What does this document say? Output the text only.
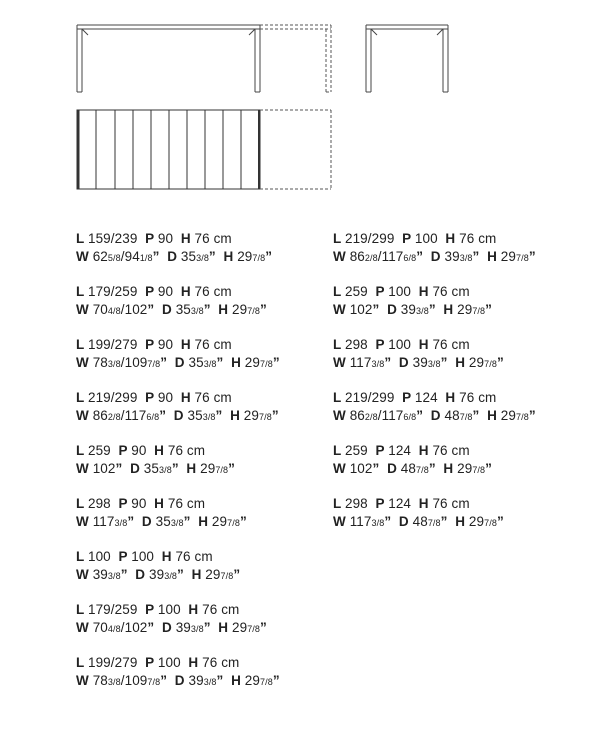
L 159/239 P 90 H 76 cm
W 625/8/941/8” D 353/8” H 297/8”
L 179/259 P 90 H 76 cm
W 704/8/102” D 353/8” H 297/8”
L 199/279 P 90 H 76 cm
W 783/8/1097/8” D 353/8” H 297/8”
L 219/299 P 90 H 76 cm
W 862/8/1176/8” D 353/8” H 297/8”
L 259 P 90 H 76 cm
W 102” D 353/8” H 297/8”
L 298 P 90 H 76 cm
W 1173/8” D 353/8” H 297/8”
L 100 P 100 H 76 cm
W 393/8” D 393/8” H 297/8”
L 179/259 P 100 H 76 cm
W 704/8/102” D 393/8” H 297/8”
L 199/279 P 100 H 76 cm
W 783/8/1097/8” D 393/8” H 297/8”
L 219/299 P 100 H 76 cm
W 862/8/1176/8” D 393/8” H 297/8”
L 259 P 100 H 76 cm
W 102” D 393/8” H 297/8”
L 298 P 100 H 76 cm
W 1173/8” D 393/8” H 297/8”
L 219/299 P 124 H 76 cm
W 862/8/1176/8” D 487/8” H 297/8”
L 259 P 124 H 76 cm
W 102” D 487/8” H 297/8”
L 298 P 124 H 76 cm
W 1173/8” D 487/8” H 297/8”
